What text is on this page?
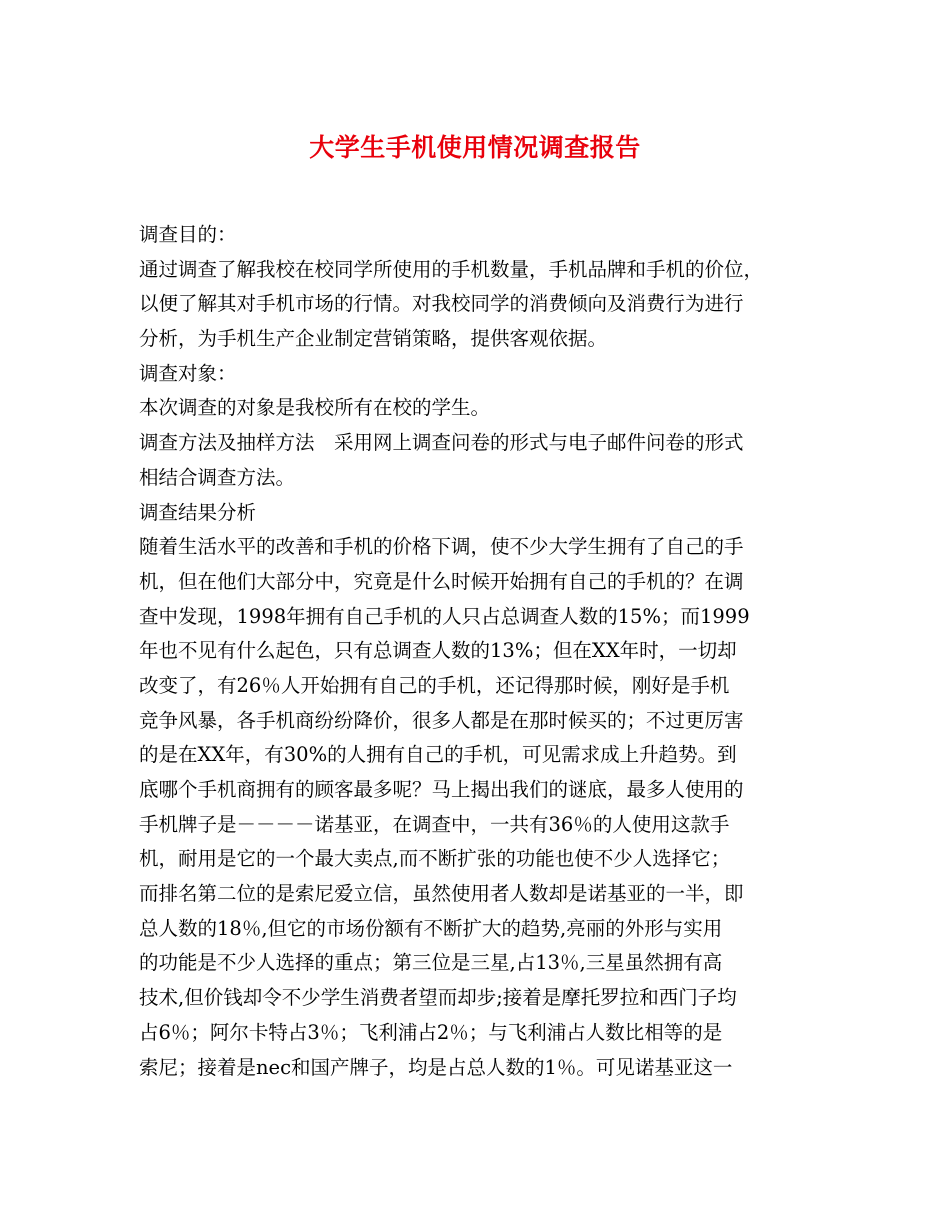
大学生手机使用情况调查报告
调查目的：
通过调查了解我校在校同学所使用的手机数量，手机品牌和手机的价位，
以便了解其对手机市场的行情。对我校同学的消费倾向及消费行为进行
分析，为手机生产企业制定营销策略，提供客观依据。
调查对象：
本次调查的对象是我校所有在校的学生。
调查方法及抽样方法　采用网上调查问卷的形式与电子邮件问卷的形式
相结合调查方法。
调查结果分析
随着生活水平的改善和手机的价格下调，使不少大学生拥有了自己的手
机，但在他们大部分中，究竟是什么时候开始拥有自己的手机的？在调
查中发现，1998年拥有自己手机的人只占总调查人数的15%；而1999
年也不见有什么起色，只有总调查人数的13%；但在XX年时，一切却
改变了，有26％人开始拥有自己的手机，还记得那时候，刚好是手机
竞争风暴，各手机商纷纷降价，很多人都是在那时候买的；不过更厉害
的是在XX年，有30%的人拥有自己的手机，可见需求成上升趋势。到
底哪个手机商拥有的顾客最多呢？马上揭出我们的谜底，最多人使用的
手机牌子是－－－－诺基亚，在调查中，一共有36％的人使用这款手
机，耐用是它的一个最大卖点,而不断扩张的功能也使不少人选择它；
而排名第二位的是索尼爱立信，虽然使用者人数却是诺基亚的一半，即
总人数的18％,但它的市场份额有不断扩大的趋势,亮丽的外形与实用
的功能是不少人选择的重点；第三位是三星,占13％,三星虽然拥有高
技术,但价钱却令不少学生消费者望而却步;接着是摩托罗拉和西门子均
占6％；阿尔卡特占3％；飞利浦占2％；与飞利浦占人数比相等的是
索尼；接着是nec和国产牌子，均是占总人数的1％。可见诺基亚这一
